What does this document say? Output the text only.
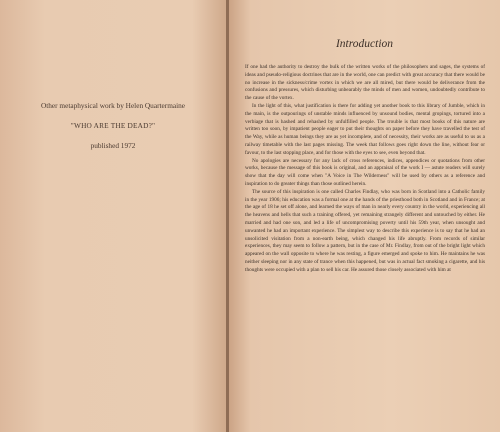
Other metaphysical work by Helen Quartermaine
"WHO ARE THE DEAD?"
published 1972
Introduction

If one had the authority to destroy the bulk of the written works of the philosophers and sages, the systems of ideas and pseudo-religious doctrines that are in the world, one can predict with great accuracy that there would be no increase in the sickness/crime vortex in which we are all mired, but there would be deliverance from the confusions and pressures, which disturbing unbearably the minds of men and women, undoubtedly contribute to the cause of the vortex.

In the light of this, what justification is there for adding yet another book to this library of Jumble, which in the main, is the outpourings of unstable minds influenced by unsound bodies, mental gropings, tortured into a verbiage that is hashed and rehashed by unfulfilled people. The trouble is that most books of this nature are written too soon, by impatient people eager to put their thoughts on paper before they have travelled the test of the Way, while as human beings they are as yet incomplete, and of necessity, their works are as useful to us as a railway timetable with the last pages missing. The week that follows goes right down the line, without fear or favour, to the last stopping place, and for those with the eyes to see, even beyond that.

No apologies are necessary for any lack of cross references, indices, appendices or quotations from other works, because the message of this book is original, and an appraisal of the work I — astute readers will surely show that the day will come when "A Voice in The Wilderness" will be used by others as a reference and inspiration to do greater things than those outlined herein.

The source of this inspiration is one called Charles Findlay, who was born in Scotland into a Catholic family in the year 1906; his education was a formal one at the hands of the priesthood both in Scotland and in France; at the age of 18 he set off alone, and learned the ways of man in nearly every country in the world, experiencing all the heavens and hells that such a training offered, yet remaining strangely different and untouched by either. He married and had one son, and led a life of uncompromising poverty until his 59th year, when unsought and unwanted he had an important experience. The simplest way to describe this experience is to say that he had an unsolicited visitation from a non-earth being, which changed his life abruptly. From records of similar experiences, they may seem to follow a pattern, but in the case of Mr. Findlay, from out of the bright light which appeared on the wall opposite to where he was resting, a figure emerged and spoke to him. He maintains he was neither sleeping nor in any state of trance when this happened, but was in actual fact smoking a cigarette, and his thoughts were occupied with a plan to sell his car. He assured those closely associated with him at
